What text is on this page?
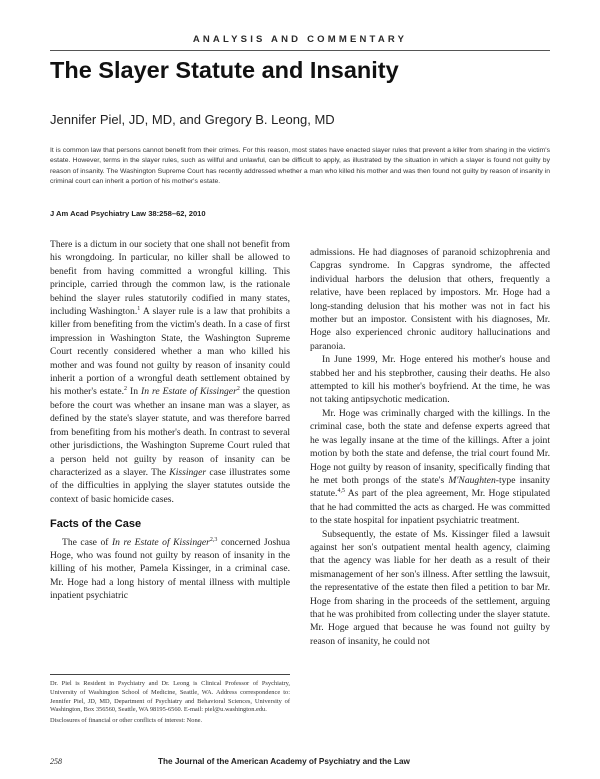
ANALYSIS AND COMMENTARY
The Slayer Statute and Insanity
Jennifer Piel, JD, MD, and Gregory B. Leong, MD
It is common law that persons cannot benefit from their crimes. For this reason, most states have enacted slayer rules that prevent a killer from sharing in the victim's estate. However, terms in the slayer rules, such as willful and unlawful, can be difficult to apply, as illustrated by the situation in which a slayer is found not guilty by reason of insanity. The Washington Supreme Court has recently addressed whether a man who killed his mother and was then found not guilty by reason of insanity in criminal court can inherit a portion of his mother's estate.
J Am Acad Psychiatry Law 38:258–62, 2010

There is a dictum in our society that one shall not benefit from his wrongdoing. In particular, no killer shall be allowed to benefit from having committed a wrongful killing. This principle, carried through the common law, is the rationale behind the slayer rules statutorily codified in many states, including Washington.$^1$ A slayer rule is a law that prohibits a killer from benefiting from the victim's death. In a case of first impression in Washington State, the Washington Supreme Court recently considered whether a man who killed his mother and was found not guilty by reason of insanity could inherit a portion of a wrongful death settlement obtained by his mother's estate.$^2$ In In re Estate of Kissinger$^2$ the question before the court was whether an insane man was a slayer, as defined by the state's slayer statute, and was therefore barred from benefiting from his mother's death. In contrast to several other jurisdictions, the Washington Supreme Court ruled that a person held not guilty by reason of insanity can be characterized as a slayer. The Kissinger case illustrates some of the difficulties in applying the slayer statutes outside the context of basic homicide cases.

Facts of the Case

The case of In re Estate of Kissinger$^{2,3}$ concerned Joshua Hoge, who was found not guilty by reason of insanity in the killing of his mother, Pamela Kissinger, in a criminal case. Mr. Hoge had a long history of mental illness with multiple inpatient psychiatric

Dr. Piel is Resident in Psychiatry and Dr. Leong is Clinical Professor of Psychiatry, University of Washington School of Medicine, Seattle, WA. Address correspondence to: Jennifer Piel, JD, MD, Department of Psychiatry and Behavioral Sciences, University of Washington, Box 356560, Seattle, WA 98195-6560. E-mail: piel@u.washington.edu.

Disclosures of financial or other conflicts of interest: None.

admissions. He had diagnoses of paranoid schizophrenia and Capgras syndrome. In Capgras syndrome, the affected individual harbors the delusion that others, frequently a relative, have been replaced by impostors. Mr. Hoge had a long-standing delusion that his mother was not in fact his mother but an impostor. Consistent with his diagnoses, Mr. Hoge also experienced chronic auditory hallucinations and paranoia.

In June 1999, Mr. Hoge entered his mother's house and stabbed her and his stepbrother, causing their deaths. He also attempted to kill his mother's boyfriend. At the time, he was not taking antipsychotic medication.

Mr. Hoge was criminally charged with the killings. In the criminal case, both the state and defense experts agreed that he was legally insane at the time of the killings. After a joint motion by both the state and defense, the trial court found Mr. Hoge not guilty by reason of insanity, specifically finding that he met both prongs of the state's M'Naughten-type insanity statute.$^{4,5}$ As part of the plea agreement, Mr. Hoge stipulated that he had committed the acts as charged. He was committed to the state hospital for inpatient psychiatric treatment.

Subsequently, the estate of Ms. Kissinger filed a lawsuit against her son's outpatient mental health agency, claiming that the agency was liable for her death as a result of their mismanagement of her son's illness. After settling the lawsuit, the representative of the estate then filed a petition to bar Mr. Hoge from sharing in the proceeds of the settlement, arguing that he was prohibited from collecting under the slayer statute. Mr. Hoge argued that because he was found not guilty by reason of insanity, he could not

258	The Journal of the American Academy of Psychiatry and the Law
